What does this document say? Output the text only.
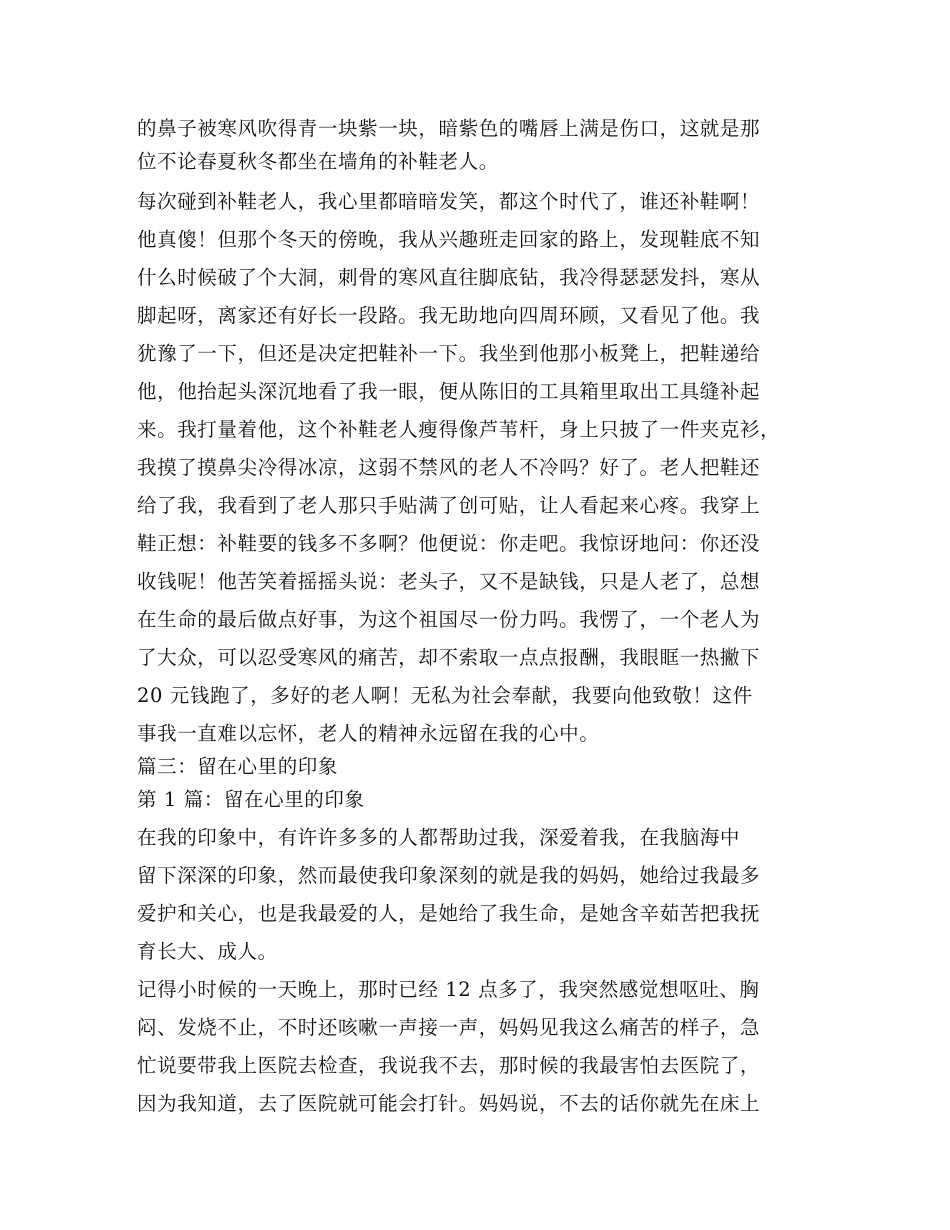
的鼻子被寒风吹得青一块紫一块，暗紫色的嘴唇上满是伤口，这就是那
位不论春夏秋冬都坐在墙角的补鞋老人。
每次碰到补鞋老人，我心里都暗暗发笑，都这个时代了，谁还补鞋啊！
他真傻！但那个冬天的傍晚，我从兴趣班走回家的路上，发现鞋底不知
什么时候破了个大洞，刺骨的寒风直往脚底钻，我冷得瑟瑟发抖，寒从
脚起呀，离家还有好长一段路。我无助地向四周环顾，又看见了他。我
犹豫了一下，但还是决定把鞋补一下。我坐到他那小板凳上，把鞋递给
他，他抬起头深沉地看了我一眼，便从陈旧的工具箱里取出工具缝补起
来。我打量着他，这个补鞋老人瘦得像芦苇杆，身上只披了一件夹克衫，
我摸了摸鼻尖冷得冰凉，这弱不禁风的老人不冷吗？好了。老人把鞋还
给了我，我看到了老人那只手贴满了创可贴，让人看起来心疼。我穿上
鞋正想：补鞋要的钱多不多啊？他便说：你走吧。我惊讶地问：你还没
收钱呢！他苦笑着摇摇头说：老头子，又不是缺钱，只是人老了，总想
在生命的最后做点好事，为这个祖国尽一份力吗。我愣了，一个老人为
了大众，可以忍受寒风的痛苦，却不索取一点点报酬，我眼眶一热撇下
20 元钱跑了，多好的老人啊！无私为社会奉献，我要向他致敬！这件
事我一直难以忘怀，老人的精神永远留在我的心中。
篇三：留在心里的印象
第 1 篇：留在心里的印象
在我的印象中，有许许多多的人都帮助过我，深爱着我，在我脑海中
留下深深的印象，然而最使我印象深刻的就是我的妈妈，她给过我最多
爱护和关心，也是我最爱的人，是她给了我生命，是她含辛茹苦把我抚
育长大、成人。
记得小时候的一天晚上，那时已经 12 点多了，我突然感觉想呕吐、胸
闷、发烧不止，不时还咳嗽一声接一声，妈妈见我这么痛苦的样子，急
忙说要带我上医院去检查，我说我不去，那时候的我最害怕去医院了，
因为我知道，去了医院就可能会打针。妈妈说，不去的话你就先在床上
